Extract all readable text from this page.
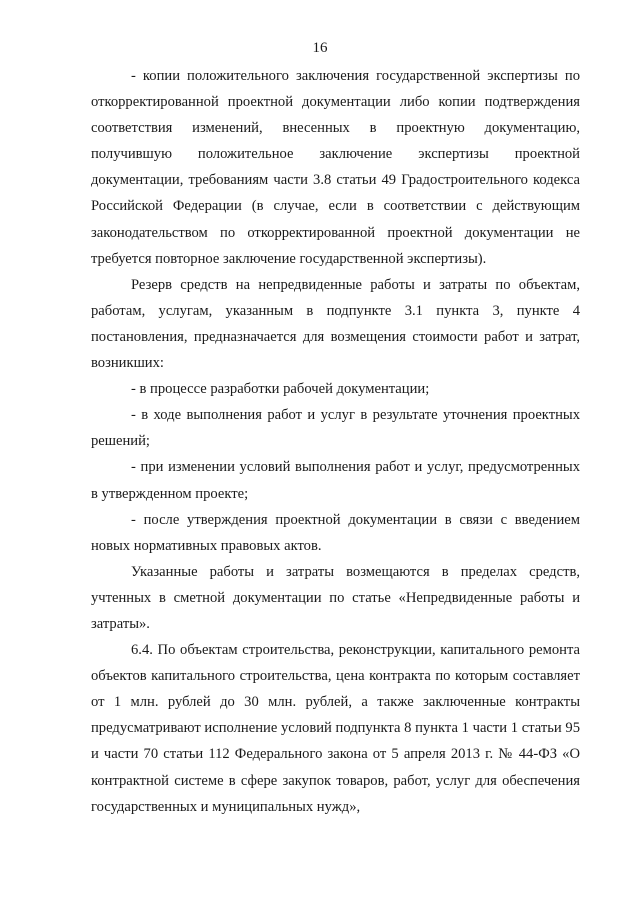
16

- копии положительного заключения государственной экспертизы по откорректированной проектной документации либо копии подтверждения соответствия изменений, внесенных в проектную документацию, получившую положительное заключение экспертизы проектной документации, требованиям части 3.8 статьи 49 Градостроительного кодекса Российской Федерации (в случае, если в соответствии с действующим законодательством по откорректированной проектной документации не требуется повторное заключение государственной экспертизы).

Резерв средств на непредвиденные работы и затраты по объектам, работам, услугам, указанным в подпункте 3.1 пункта 3, пункте 4 постановления, предназначается для возмещения стоимости работ и затрат, возникших:

- в процессе разработки рабочей документации;

- в ходе выполнения работ и услуг в результате уточнения проектных решений;

- при изменении условий выполнения работ и услуг, предусмотренных в утвержденном проекте;

- после утверждения проектной документации в связи с введением новых нормативных правовых актов.

Указанные работы и затраты возмещаются в пределах средств, учтенных в сметной документации по статье «Непредвиденные работы и затраты».

6.4. По объектам строительства, реконструкции, капитального ремонта объектов капитального строительства, цена контракта по которым составляет от 1 млн. рублей до 30 млн. рублей, а также заключенные контракты предусматривают исполнение условий подпункта 8 пункта 1 части 1 статьи 95 и части 70 статьи 112 Федерального закона от 5 апреля 2013 г. № 44-ФЗ «О контрактной системе в сфере закупок товаров, работ, услуг для обеспечения государственных и муниципальных нужд»,
